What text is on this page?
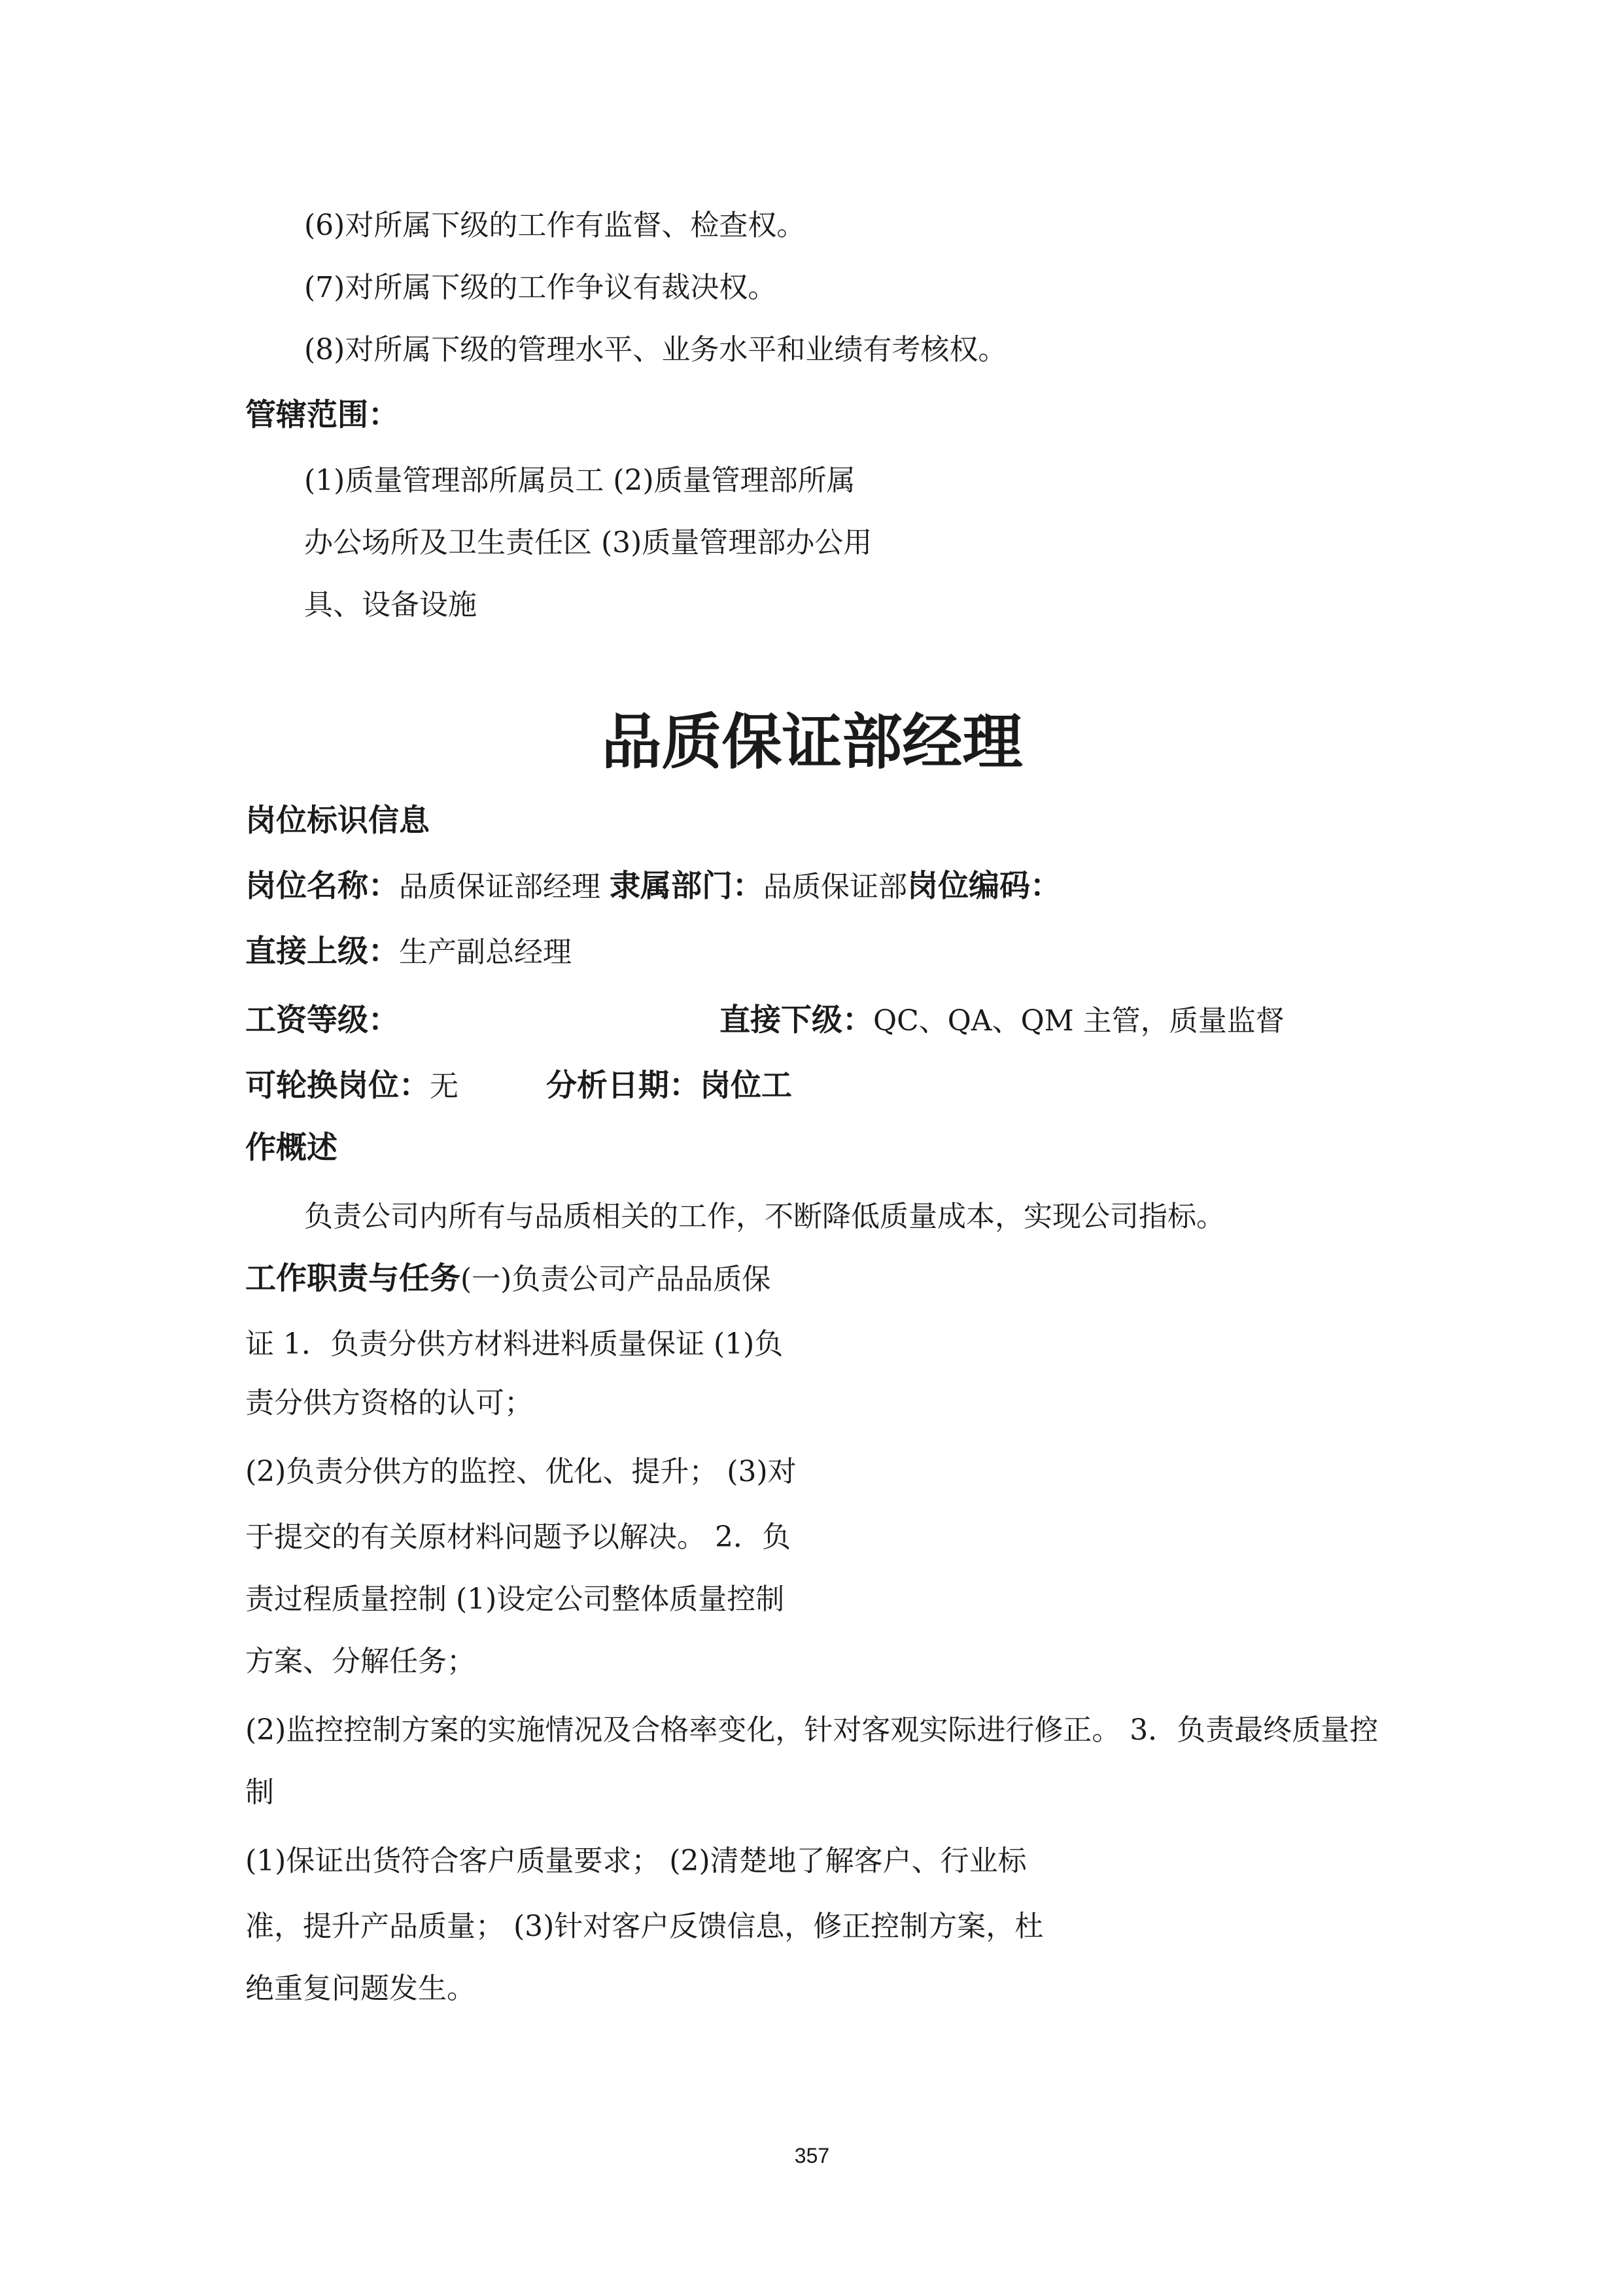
(6)对所属下级的工作有监督、检查权。
(7)对所属下级的工作争议有裁决权。
(8)对所属下级的管理水平、业务水平和业绩有考核权。
管辖范围：
(1)质量管理部所属员工 (2)质量管理部所属
办公场所及卫生责任区 (3)质量管理部办公用
具、设备设施
品质保证部经理
岗位标识信息
岗位名称：品质保证部经理 隶属部门：品质保证部岗位编码：
直接上级：生产副总经理
工资等级：	直接下级：QC、QA、QM 主管，质量监督
可轮换岗位：无	分析日期：岗位工
作概述
负责公司内所有与品质相关的工作，不断降低质量成本，实现公司指标。
工作职责与任务(一)负责公司产品品质保
证 1．负责分供方材料进料质量保证 (1)负
责分供方资格的认可；
(2)负责分供方的监控、优化、提升； (3)对
于提交的有关原材料问题予以解决。 2．负
责过程质量控制 (1)设定公司整体质量控制
方案、分解任务；
(2)监控控制方案的实施情况及合格率变化，针对客观实际进行修正。 3．负责最终质量控
制
(1)保证出货符合客户质量要求； (2)清楚地了解客户、行业标
准，提升产品质量； (3)针对客户反馈信息，修正控制方案，杜
绝重复问题发生。
357
